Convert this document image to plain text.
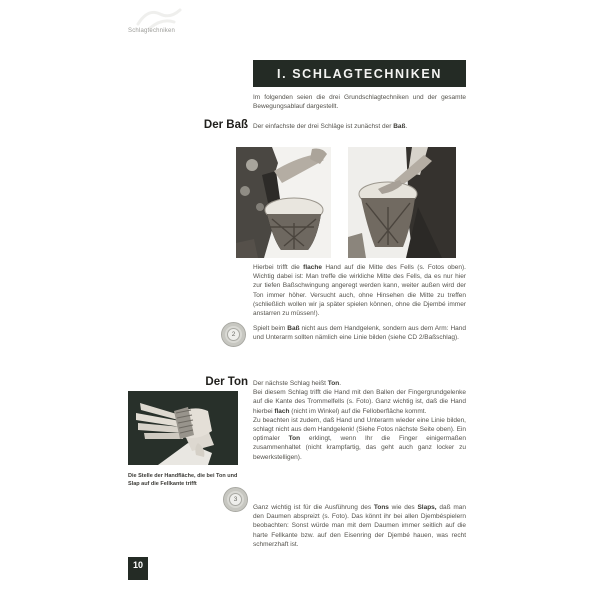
Schlagtechniken
I. SCHLAGTECHNIKEN

Im folgenden seien die drei Grundschlagtechniken und der gesamte Bewegungsablauf dargestellt.

Der Baß Der einfachste der drei Schläge ist zunächst der Baß.

Hierbei trifft die flache Hand auf die Mitte des Fells (s. Fotos oben). Wichtig dabei ist: Man treffe die wirkliche Mitte des Fells, da es nur hier zur tiefen Baßschwingung angeregt werden kann, weiter außen wird der Ton immer höher. Versucht auch, ohne Hinsehen die Mitte zu treffen (schließlich wollen wir ja später spielen können, ohne die Djembé immer anstarren zu müssen!).

2

Spielt beim Baß nicht aus dem Handgelenk, sondern aus dem Arm: Hand und Unterarm sollten nämlich eine Linie bilden (siehe CD 2/Baßschlag).

Der Ton Der nächste Schlag heißt Ton.

Bei diesem Schlag trifft die Hand mit den Ballen der Fingergrundgelenke auf die Kante des Trommelfells (s. Foto). Ganz wichtig ist, daß die Hand hierbei flach (nicht im Winkel) auf die Felloberfläche kommt.

Zu beachten ist zudem, daß Hand und Unterarm wieder eine Linie bilden, schlagt nicht aus dem Handgelenk! (Siehe Fotos nächste Seite oben). Ein optimaler Ton erklingt, wenn Ihr die Finger einigermaßen zusammenhaltet (nicht krampfartig, das geht auch ganz locker zu bewerkstelligen).

Die Stelle der Handfläche, die bei Ton und Slap auf die Fellkante trifft
3

Ganz wichtig ist für die Ausführung des Tons wie des Slaps, daß man den Daumen abspreizt (s. Foto). Das könnt ihr bei allen Djembéspielern beobachten: Sonst würde man mit dem Daumen immer seitlich auf die harte Fellkante bzw. auf den Eisenring der Djembé hauen, was recht schmerzhaft ist.

10
